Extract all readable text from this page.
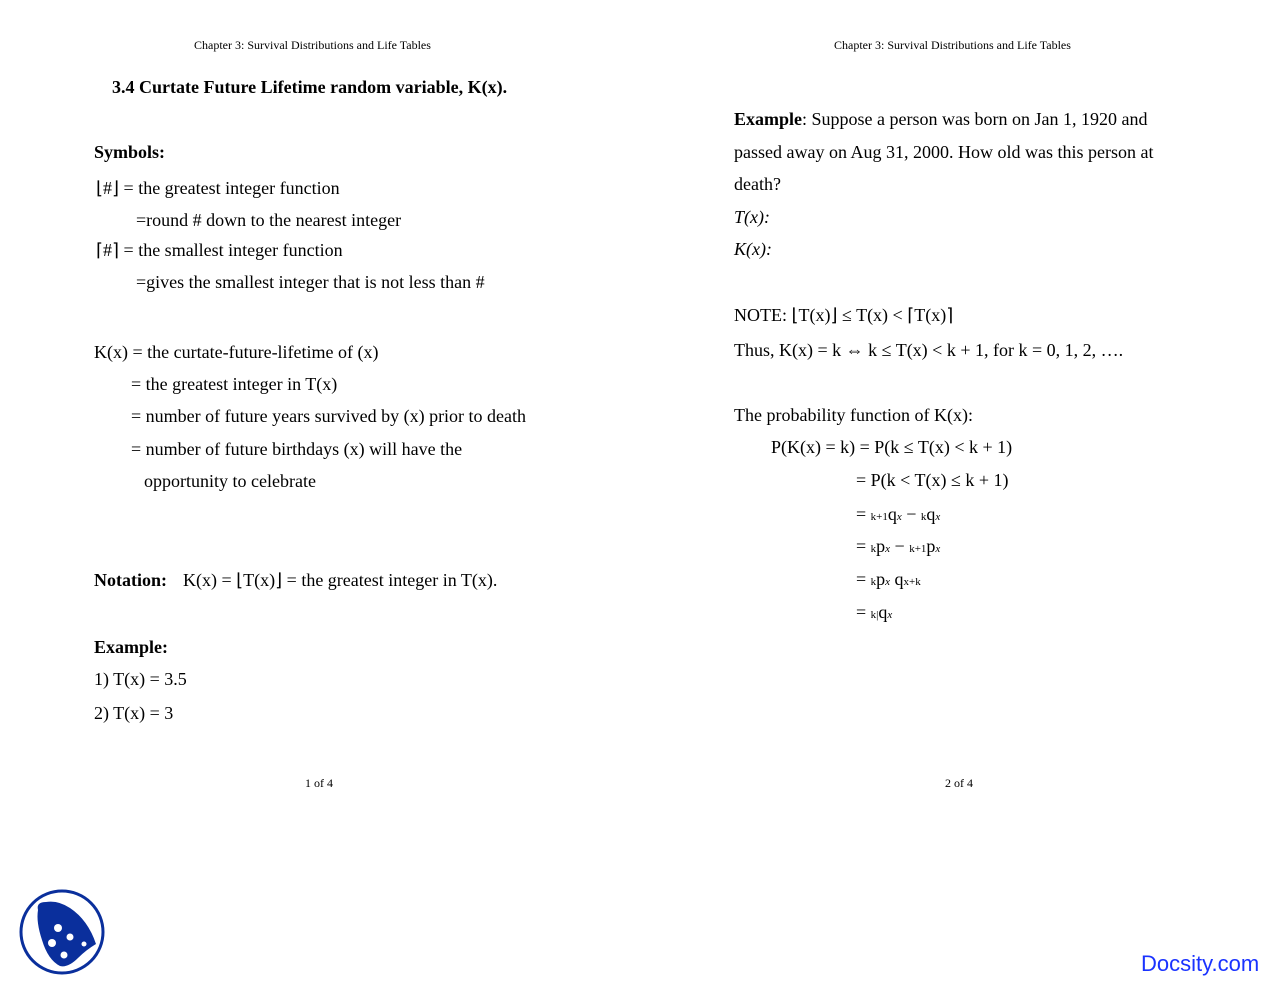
Chapter 3: Survival Distributions and Life Tables
3.4 Curtate Future Lifetime random variable, K(x).
Symbols:
⌊#⌋ = the greatest integer function
=round # down to the nearest integer
⌈#⌉ = the smallest integer function
=gives the smallest integer that is not less than #
K(x) = the curtate-future-lifetime of (x)
= the greatest integer in T(x)
= number of future years survived by (x) prior to death
= number of future birthdays (x) will have the
opportunity to celebrate
Notation: K(x) = ⌊T(x)⌋ = the greatest integer in T(x).
Example:
1) T(x) = 3.5
2) T(x) = 3
1 of 4
Chapter 3: Survival Distributions and Life Tables
Example: Suppose a person was born on Jan 1, 1920 and
passed away on Aug 31, 2000. How old was this person at
death?
T(x):
K(x):
NOTE: ⌊T(x)⌋ ≤ T(x) < ⌈T(x)⌉
Thus, K(x) = k ⇔ k ≤ T(x) < k + 1, for k = 0, 1, 2, ….
The probability function of K(x):
P(K(x) = k) = P(k ≤ T(x) < k + 1)
= P(k < T(x) ≤ k + 1)
= k+1qx − kqx
= kpx − k+1px
= kpx qx+k
= k|qx
2 of 4
Docsity.com
